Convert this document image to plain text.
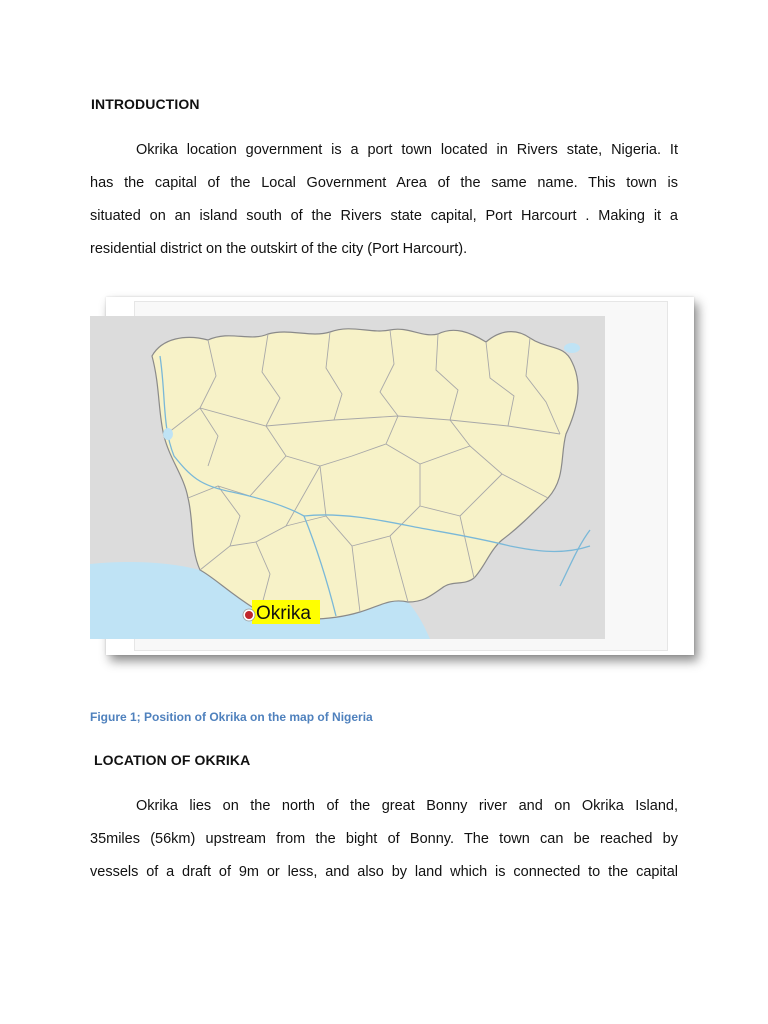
INTRODUCTION
Okrika location government is a port town located in Rivers state, Nigeria. It
has the capital of the Local Government Area of the same name. This town is
situated on an island south of the Rivers state capital, Port Harcourt . Making it a
residential district on the outskirt of the city (Port Harcourt).
Okrika
Figure 1; Position of Okrika on the map of Nigeria
LOCATION OF OKRIKA
Okrika lies on the north of the great Bonny river and on Okrika Island,
35miles (56km) upstream from the bight of Bonny. The town can be reached by
vessels of a draft of 9m or less, and also by land which is connected to the capital
